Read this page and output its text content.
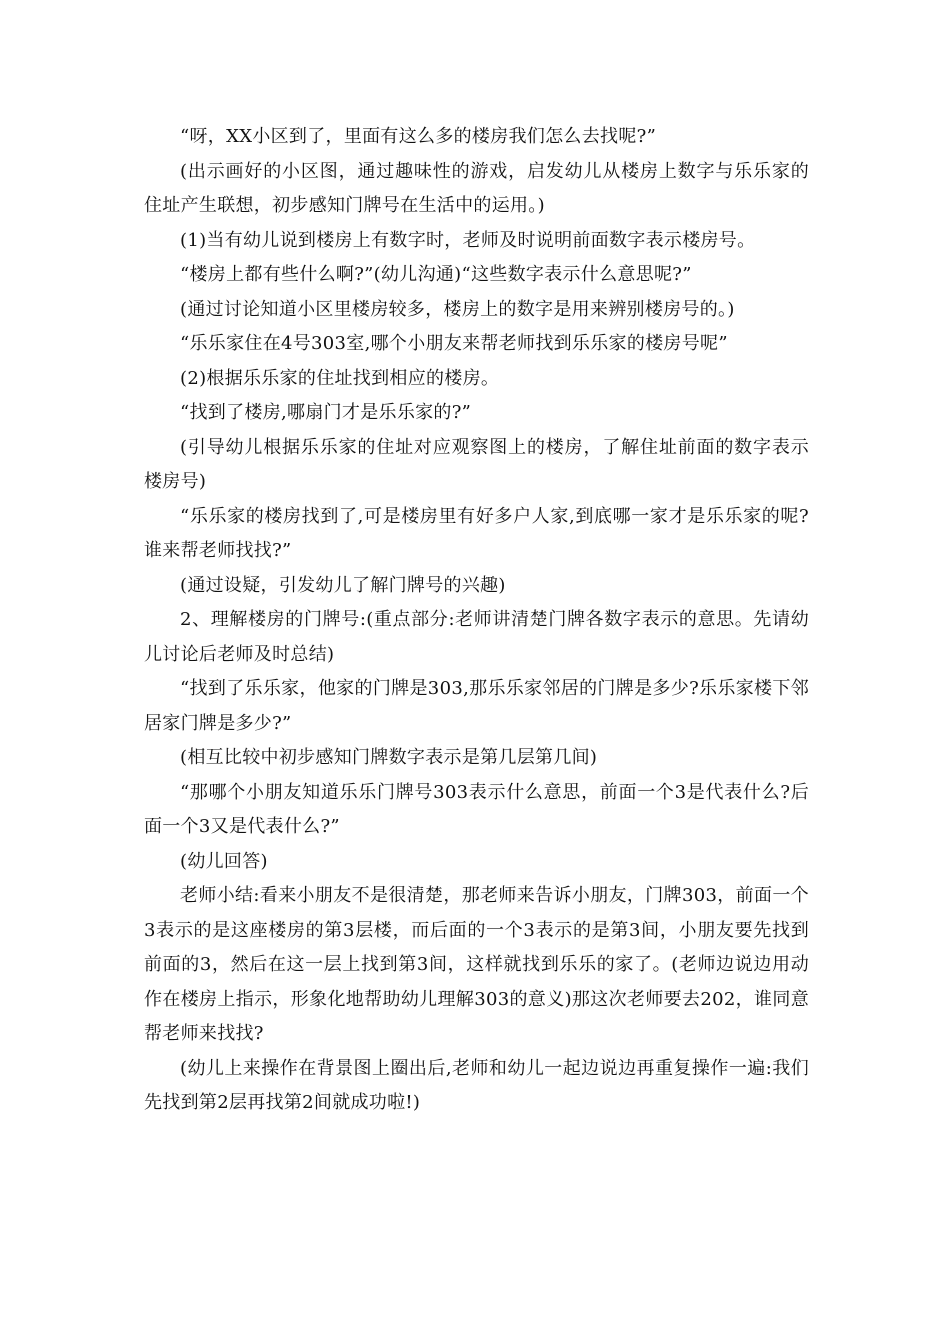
“呀，XX小区到了，里面有这么多的楼房我们怎么去找呢?”

(出示画好的小区图，通过趣味性的游戏，启发幼儿从楼房上数字与乐乐家的住址产生联想，初步感知门牌号在生活中的运用。)

(1)当有幼儿说到楼房上有数字时，老师及时说明前面数字表示楼房号。

“楼房上都有些什么啊?”(幼儿沟通)“这些数字表示什么意思呢?”

(通过讨论知道小区里楼房较多，楼房上的数字是用来辨别楼房号的。)

“乐乐家住在4号303室,哪个小朋友来帮老师找到乐乐家的楼房号呢”

(2)根据乐乐家的住址找到相应的楼房。

“找到了楼房,哪扇门才是乐乐家的?”

(引导幼儿根据乐乐家的住址对应观察图上的楼房，了解住址前面的数字表示楼房号)

“乐乐家的楼房找到了,可是楼房里有好多户人家,到底哪一家才是乐乐家的呢?谁来帮老师找找?”

(通过设疑，引发幼儿了解门牌号的兴趣)

2、理解楼房的门牌号:(重点部分:老师讲清楚门牌各数字表示的意思。先请幼儿讨论后老师及时总结)

“找到了乐乐家，他家的门牌是303,那乐乐家邻居的门牌是多少?乐乐家楼下邻居家门牌是多少?”

(相互比较中初步感知门牌数字表示是第几层第几间)

“那哪个小朋友知道乐乐门牌号303表示什么意思，前面一个3是代表什么?后面一个3又是代表什么?”

(幼儿回答)

老师小结:看来小朋友不是很清楚，那老师来告诉小朋友，门牌303，前面一个3表示的是这座楼房的第3层楼，而后面的一个3表示的是第3间，小朋友要先找到前面的3，然后在这一层上找到第3间，这样就找到乐乐的家了。(老师边说边用动作在楼房上指示，形象化地帮助幼儿理解303的意义)那这次老师要去202，谁同意帮老师来找找?

(幼儿上来操作在背景图上圈出后,老师和幼儿一起边说边再重复操作一遍:我们先找到第2层再找第2间就成功啦!)
